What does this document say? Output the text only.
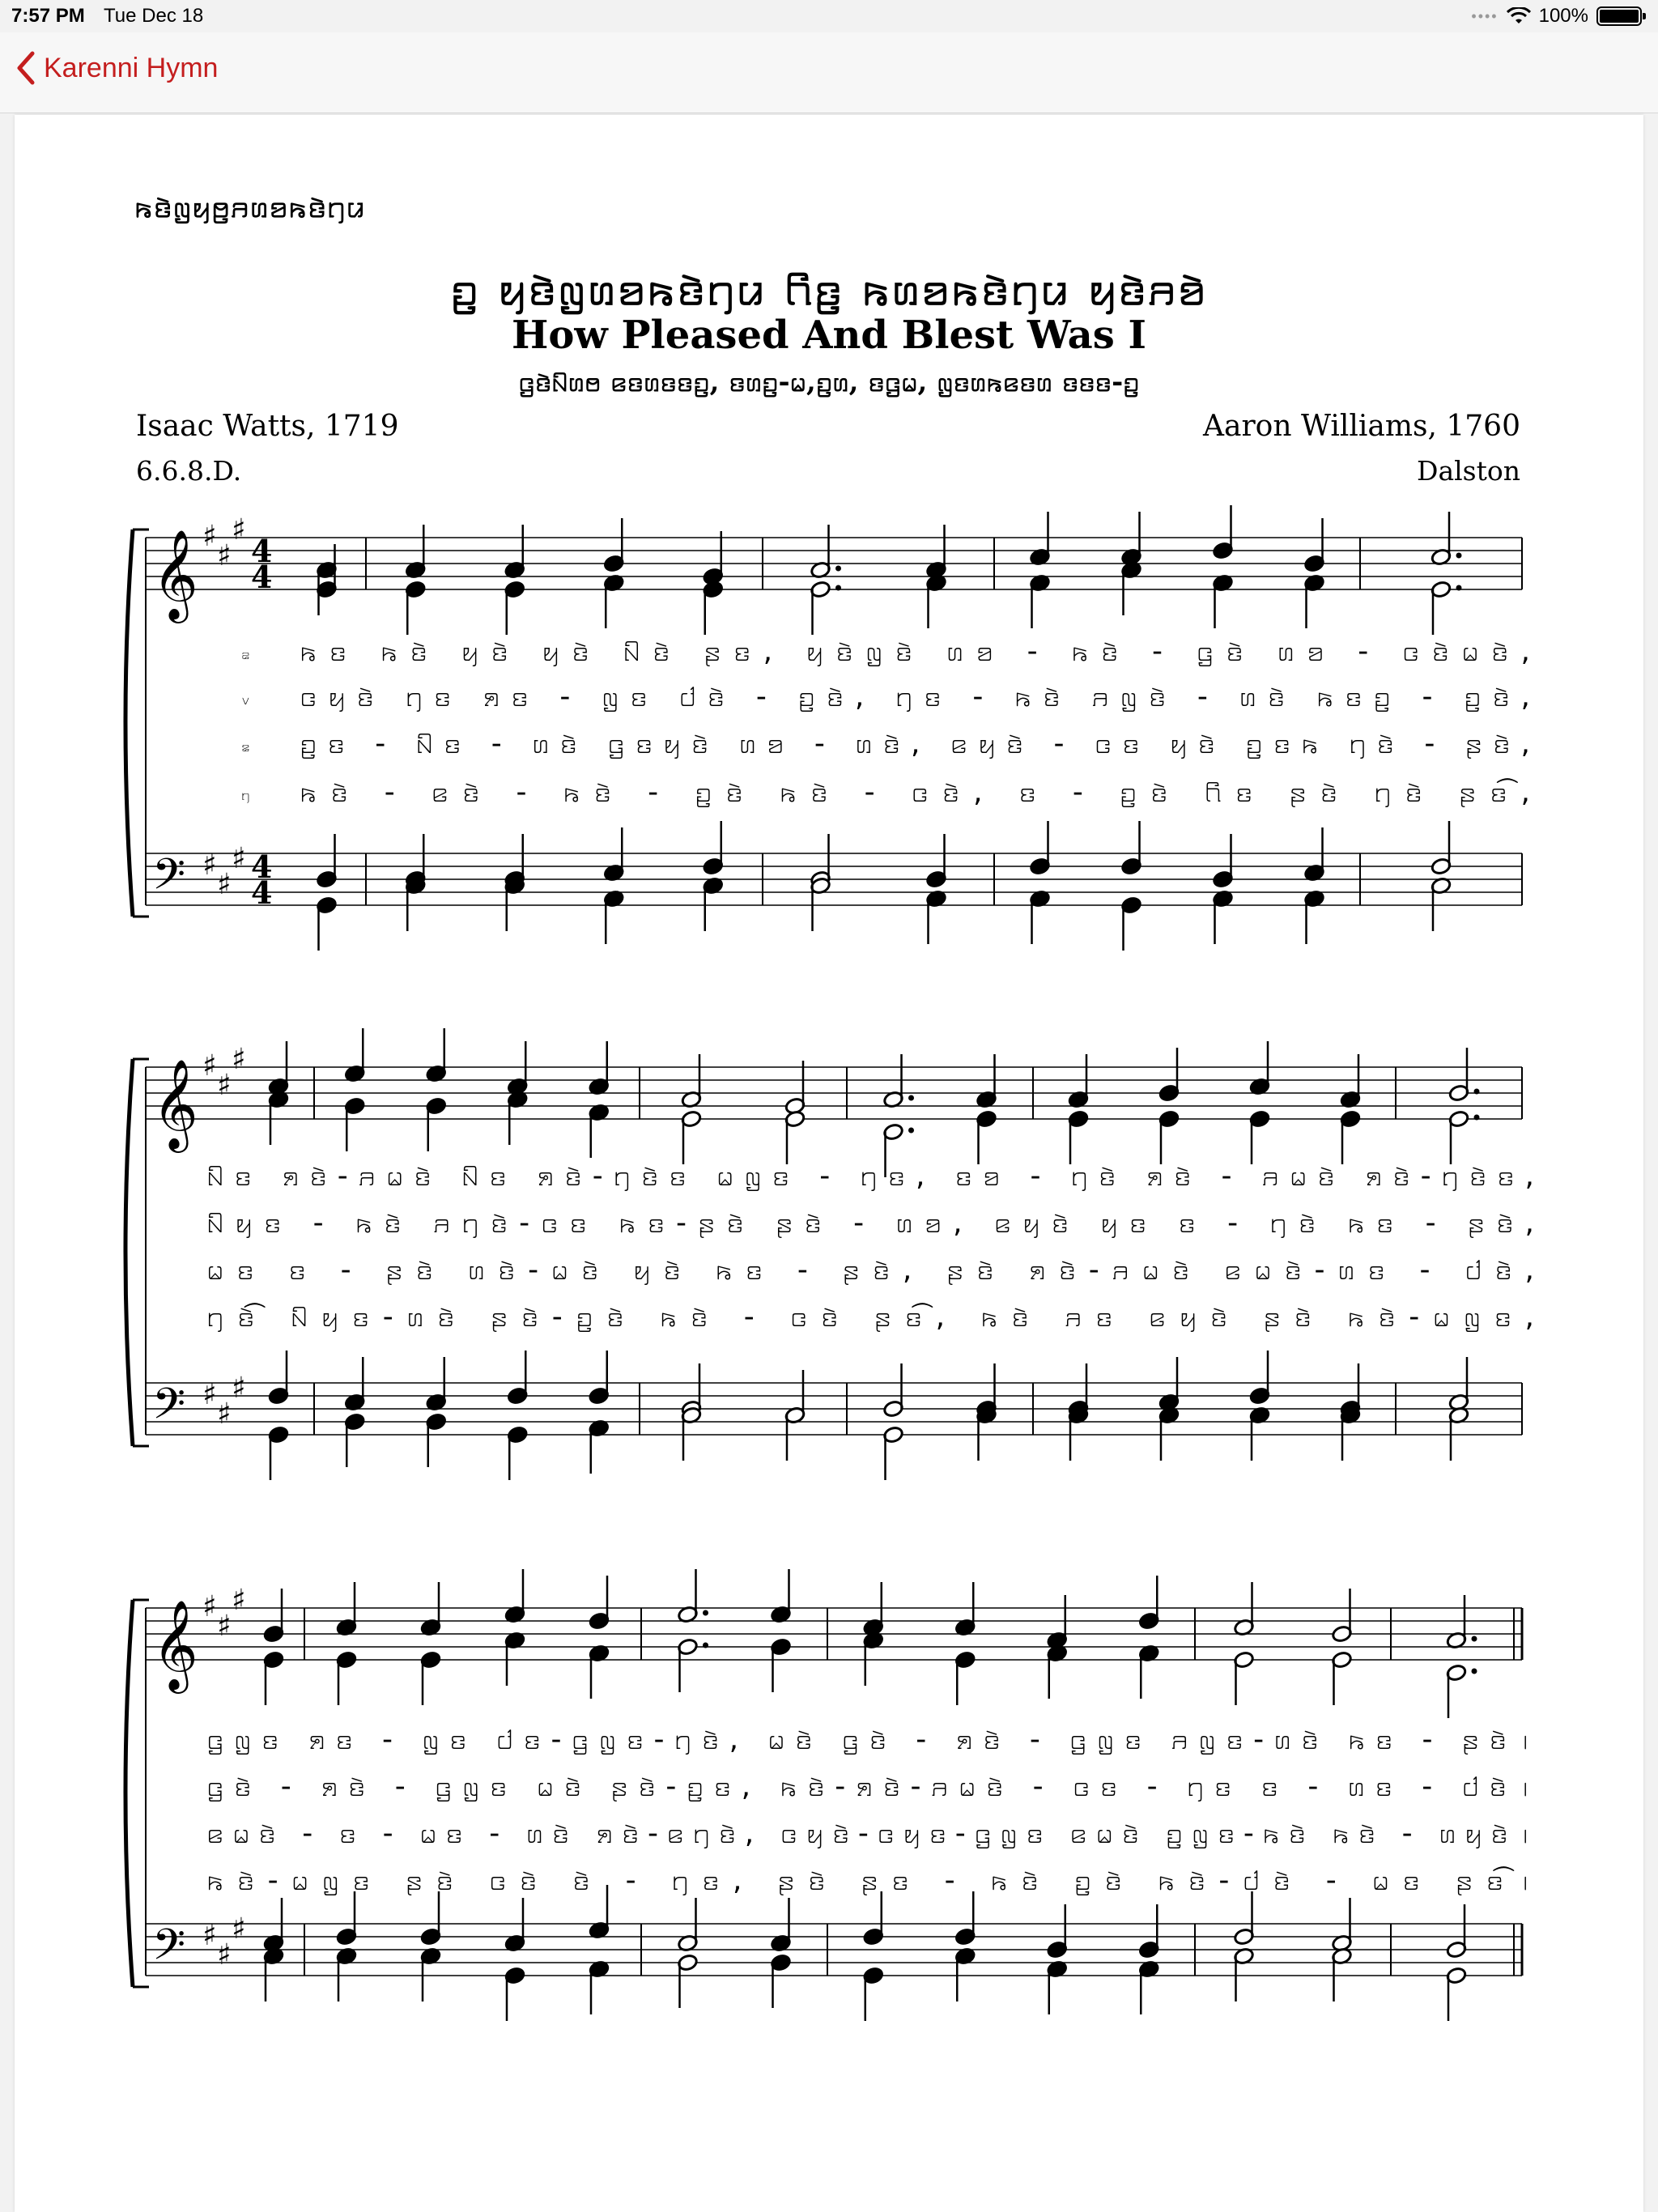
7:57 PM Tue Dec 18	•••• 100%
Karenni Hymn
ꤒꤢꤧꤜꤟꤥ꤬ꤏꤛꤤꤒꤢꤧꤚꤣ
ꤑ ꤟꤢꤧꤜꤛꤤꤒꤢꤧꤚꤣ ꤖꤢ꤬ ꤒꤛꤤꤒꤢꤧꤚꤣ ꤟꤢꤧꤏꤤꤧ
How Pleased And Blest Was I
ꤞꤢꤧꤡꤛꤥ ꤕꤢꤛꤢꤢꤑ, ꤢꤛꤑ-ꤗ,ꤑꤛ, ꤢꤞꤗ, ꤜꤢꤛꤒꤕꤢꤛ ꤢꤢꤢ-ꤑ
Isaac Watts, 1719	Aaron Williams, 1760
6.6.8.D.	Dalston
𝄞 ♯
♯
♯
4
4
𝄢 ♯
♯
♯ 4
4
꤁ ꤒꤢ ꤒꤢꤧ ꤟꤢꤧ ꤟꤢꤧ ꤡꤢꤧ ꤔꤢ, ꤟꤢꤧꤜꤢꤧ ꤛꤤ - ꤒꤢꤧ - ꤞꤢꤧ ꤛꤤ - ꤍꤢꤧꤗꤢꤧ,
꤂ ꤍꤟꤢꤧ ꤚꤢ ꤎꤢ - ꤜꤢ ꤓꤢꤧ - ꤑꤢꤧ, ꤚꤢ - ꤒꤢꤧ ꤏꤜꤢꤧ - ꤛꤢꤧ ꤒꤢꤑ - ꤑꤢꤧ,
꤃ ꤑꤢ - ꤡꤢ - ꤛꤢꤧ ꤞꤢꤟꤢꤧ ꤛꤤ - ꤛꤢꤧ, ꤕꤟꤢꤧ - ꤍꤢ ꤟꤢꤧ ꤑꤢꤒ ꤚꤢꤧ - ꤔꤢꤧ,
꤄ ꤒꤢꤧ - ꤕꤢꤧ - ꤒꤢꤧ - ꤑꤢꤧ ꤒꤢꤧ - ꤍꤢꤧ, ꤢ - ꤑꤢꤧ ꤖꤢ ꤔꤢꤧ ꤚꤢꤧ ꤔꤢ͡,
𝄞 ♯
♯
♯
𝄢 ♯
♯
♯
ꤡꤢ ꤎꤢꤧ-ꤏꤗꤢꤧ ꤡꤢ ꤎꤢꤧ-ꤚꤢꤧꤢ ꤗꤜꤢ - ꤚꤢ, ꤢꤤ - ꤚꤢꤧ ꤎꤢꤧ - ꤏꤗꤢꤧ ꤎꤢꤧ-ꤚꤢꤧꤢ,
ꤡꤟꤢ - ꤒꤢꤧ ꤏꤚꤢꤧ-ꤍꤢ ꤒꤢ-ꤔꤢꤧ ꤔꤢꤧ - ꤛꤤ, ꤕꤟꤢꤧ ꤟꤢ ꤢ - ꤚꤢꤧ ꤒꤢ - ꤔꤢꤧ,
ꤗꤢ ꤢ - ꤔꤢꤧ ꤛꤢꤧ-ꤗꤢꤧ ꤟꤢꤧ ꤒꤢ - ꤔꤢꤧ, ꤔꤢꤧ ꤎꤢꤧ-ꤏꤗꤢꤧ ꤕꤗꤢꤧ-ꤛꤢ - ꤓꤢꤧ,
ꤚꤢꤧ͡ ꤡꤟꤢ-ꤛꤢꤧ ꤔꤢꤧ-ꤑꤢꤧ ꤒꤢꤧ - ꤍꤢꤧ ꤔꤢ͡, ꤒꤢꤧ ꤏꤢ ꤕꤟꤢꤧ ꤔꤢꤧ ꤒꤢꤧ-ꤗꤜꤢ,
𝄞 ♯
♯
♯
𝄢 ♯
♯
♯
ꤞꤜꤢ ꤎꤢ - ꤜꤢ ꤓꤢ-ꤞꤜꤢ-ꤚꤢꤧ, ꤗꤢꤧ ꤞꤢꤧ - ꤎꤢꤧ - ꤞꤜꤢ ꤏꤜꤢ-ꤛꤢꤧ ꤒꤢ - ꤔꤢꤧ꤯
ꤞꤢꤧ - ꤎꤢꤧ - ꤞꤜꤢ ꤗꤢꤧ ꤔꤢꤧ-ꤑꤢ, ꤒꤢꤧ-ꤎꤢꤧ-ꤏꤗꤢꤧ - ꤍꤢ - ꤚꤢ ꤢ - ꤛꤢ - ꤓꤢꤧ꤯
ꤕꤗꤢꤧ - ꤢ - ꤗꤢ - ꤛꤢꤧ ꤎꤢꤧ-ꤕꤚꤢꤧ, ꤍꤟꤢꤧ-ꤍꤟꤢ-ꤞꤜꤢ ꤕꤗꤢꤧ ꤑꤜꤢ-ꤒꤢꤧ ꤒꤢꤧ - ꤛꤟꤢꤧ꤯
ꤒꤢꤧ-ꤗꤜꤢ ꤔꤢꤧ ꤍꤢꤧ ꤢꤧ - ꤚꤢ, ꤔꤢꤧ ꤔꤢ - ꤒꤢꤧ ꤑꤢꤧ ꤒꤢꤧ-ꤓꤢꤧ - ꤗꤢ ꤔꤢ͡꤯
